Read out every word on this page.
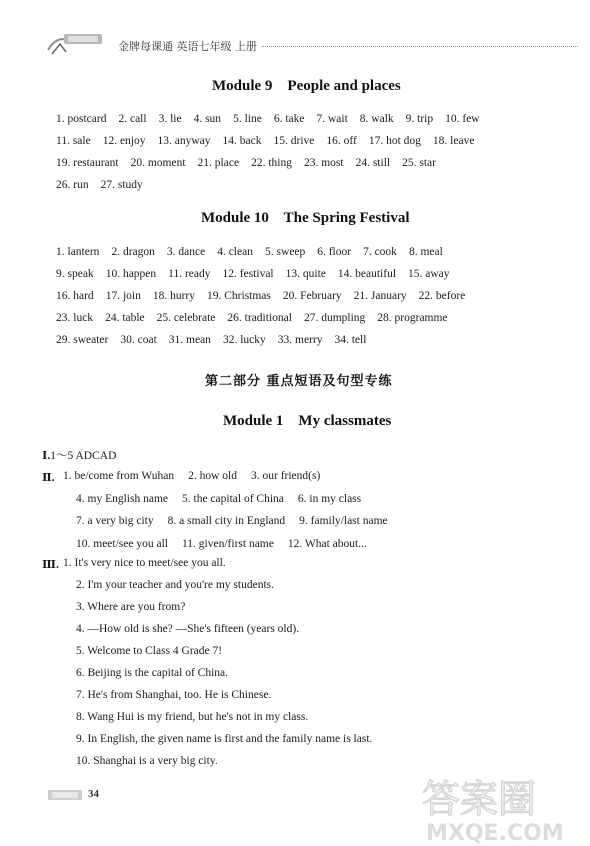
金牌每课通 英语七年级 上册
Module 9    People and places
1. postcard 2. call 3. lie 4. sun 5. line 6. take 7. wait 8. walk 9. trip 10. few
11. sale 12. enjoy 13. anyway 14. back 15. drive 16. off 17. hot dog 18. leave
19. restaurant 20. moment 21. place 22. thing 23. most 24. still 25. star
26. run 27. study
Module 10    The Spring Festival
1. lantern 2. dragon 3. dance 4. clean 5. sweep 6. floor 7. cook 8. meal
9. speak 10. happen 11. ready 12. festival 13. quite 14. beautiful 15. away
16. hard 17. join 18. hurry 19. Christmas 20. February 21. January 22. before
23. luck 24. table 25. celebrate 26. traditional 27. dumpling 28. programme
29. sweater 30. coat 31. mean 32. lucky 33. merry 34. tell
第二部分 重点短语及句型专练
Module 1    My classmates
Ⅰ.1～5 ADCAD
Ⅱ. 1. be/come from Wuhan 2. how old 3. our friend(s)
4. my English name 5. the capital of China 6. in my class
7. a very big city 8. a small city in England 9. family/last name
10. meet/see you all 11. given/first name 12. What about...
Ⅲ. 1. It's very nice to meet/see you all.
2. I'm your teacher and you're my students.
3. Where are you from?
4. —How old is she? —She's fifteen (years old).
5. Welcome to Class 4 Grade 7!
6. Beijing is the capital of China.
7. He's from Shanghai, too. He is Chinese.
8. Wang Hui is my friend, but he's not in my class.
9. In English, the given name is first and the family name is last.
10. Shanghai is a very big city.
34	答案圈
MXQE.COM
